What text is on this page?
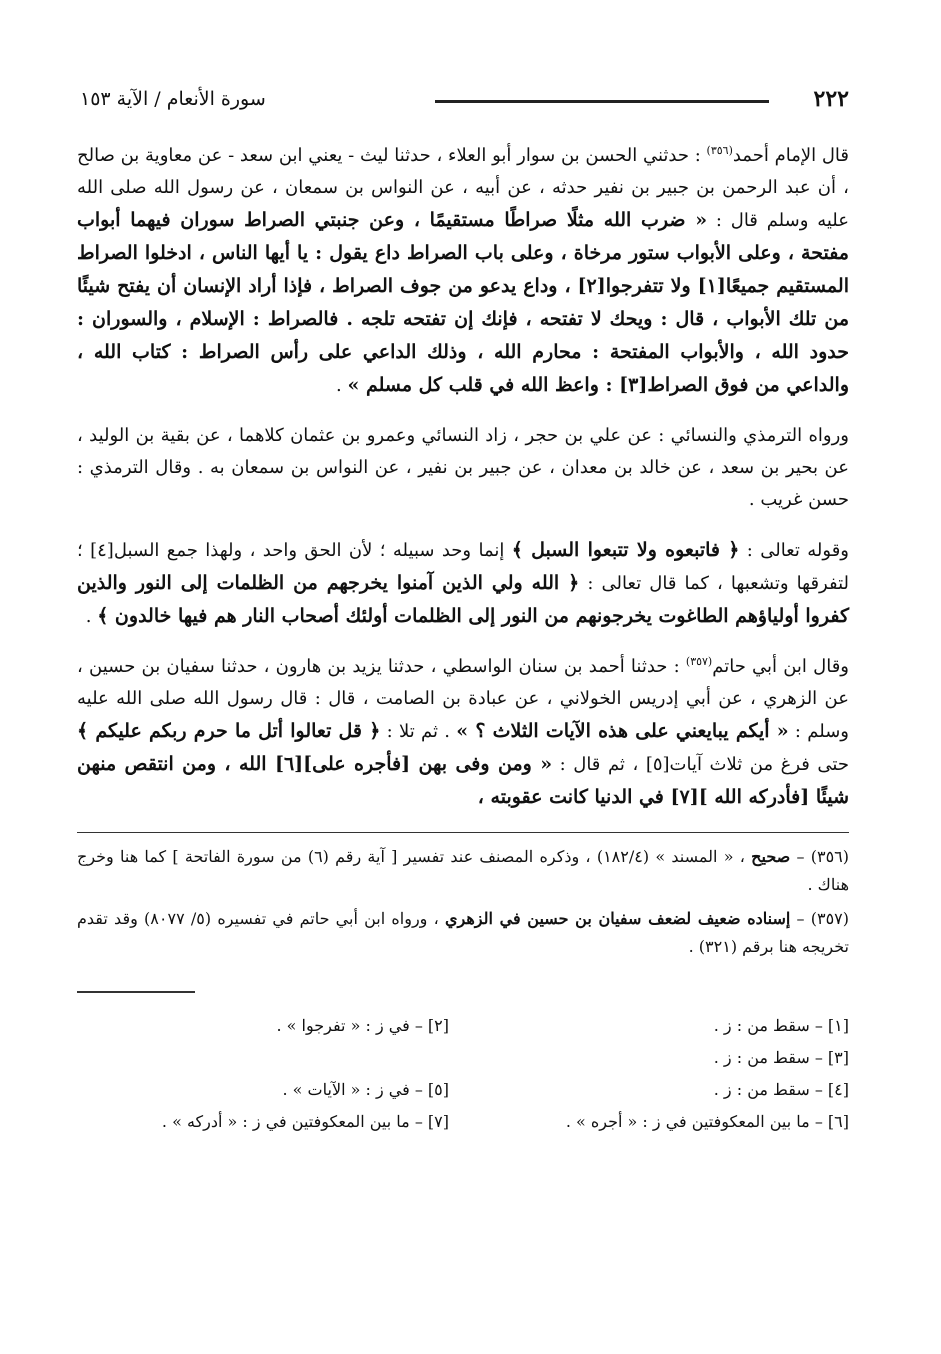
٢٢٢
سورة الأنعام / الآية ١٥٣

قال الإمام أحمد$^{(٣٥٦)}$ : حدثني الحسن بن سوار أبو العلاء ، حدثنا ليث - يعني ابن سعد - عن معاوية بن صالح ، أن عبد الرحمن بن جبير بن نفير حدثه ، عن أبيه ، عن النواس بن سمعان ، عن رسول الله صلى الله عليه وسلم قال : « ضرب الله مثلًا صراطًا مستقيمًا ، وعن جنبتي الصراط سوران فيهما أبواب مفتحة ، وعلى الأبواب ستور مرخاة ، وعلى باب الصراط داع يقول : يا أيها الناس ، ادخلوا الصراط المستقيم جميعًا[١] ولا تتفرجوا[٢] ، وداع يدعو من جوف الصراط ، فإذا أراد الإنسان أن يفتح شيئًا من تلك الأبواب ، قال : ويحك لا تفتحه ، فإنك إن تفتحه تلجه . فالصراط : الإسلام ، والسوران : حدود الله ، والأبواب المفتحة : محارم الله ، وذلك الداعي على رأس الصراط : كتاب الله ، والداعي من فوق الصراط[٣] : واعظ الله في قلب كل مسلم » .

ورواه الترمذي والنسائي : عن علي بن حجر ، زاد النسائي وعمرو بن عثمان كلاهما ، عن بقية بن الوليد ، عن بحير بن سعد ، عن خالد بن معدان ، عن جبير بن نفير ، عن النواس بن سمعان به . وقال الترمذي : حسن غريب .

وقوله تعالى : ﴿ فاتبعوه ولا تتبعوا السبل ﴾ إنما وحد سبيله ؛ لأن الحق واحد ، ولهذا جمع السبل[٤] ؛ لتفرقها وتشعبها ، كما قال تعالى : ﴿ الله ولي الذين آمنوا يخرجهم من الظلمات إلى النور والذين كفروا أولياؤهم الطاغوت يخرجونهم من النور إلى الظلمات أولئك أصحاب النار هم فيها خالدون ﴾ .

وقال ابن أبي حاتم$^{(٣٥٧)}$ : حدثنا أحمد بن سنان الواسطي ، حدثنا يزيد بن هارون ، حدثنا سفيان بن حسين ، عن الزهري ، عن أبي إدريس الخولاني ، عن عبادة بن الصامت ، قال : قال رسول الله صلى الله عليه وسلم : « أيكم يبايعني على هذه الآيات الثلاث ؟ » . ثم تلا : ﴿ قل تعالوا أتل ما حرم ربكم عليكم ﴾ حتى فرغ من ثلاث آيات[٥] ، ثم قال : « ومن وفى بهن [فأجره على][٦] الله ، ومن انتقص منهن شيئًا [فأدركه الله ][٧] في الدنيا كانت عقوبته ،

(٣٥٦) – صحيح ، « المسند » (١٨٢/٤) ، وذكره المصنف عند تفسير [ آية رقم (٦) من سورة الفاتحة ] كما هنا وخرج هناك .

(٣٥٧) – إسناده ضعيف لضعف سفيان بن حسين في الزهري ، ورواه ابن أبي حاتم في تفسيره (٥/ ٨٠٧٧) وقد تقدم تخريجه هنا برقم (٣٢١) .

[١] – سقط من : ز .
[٢] – في ز : « تفرجوا » .
[٣] – سقط من : ز .
[٤] – سقط من : ز .
[٥] – في ز : « الآيات » .
[٦] – ما بين المعكوفتين في ز : « أجره » .
[٧] – ما بين المعكوفتين في ز : « أدركه » .
